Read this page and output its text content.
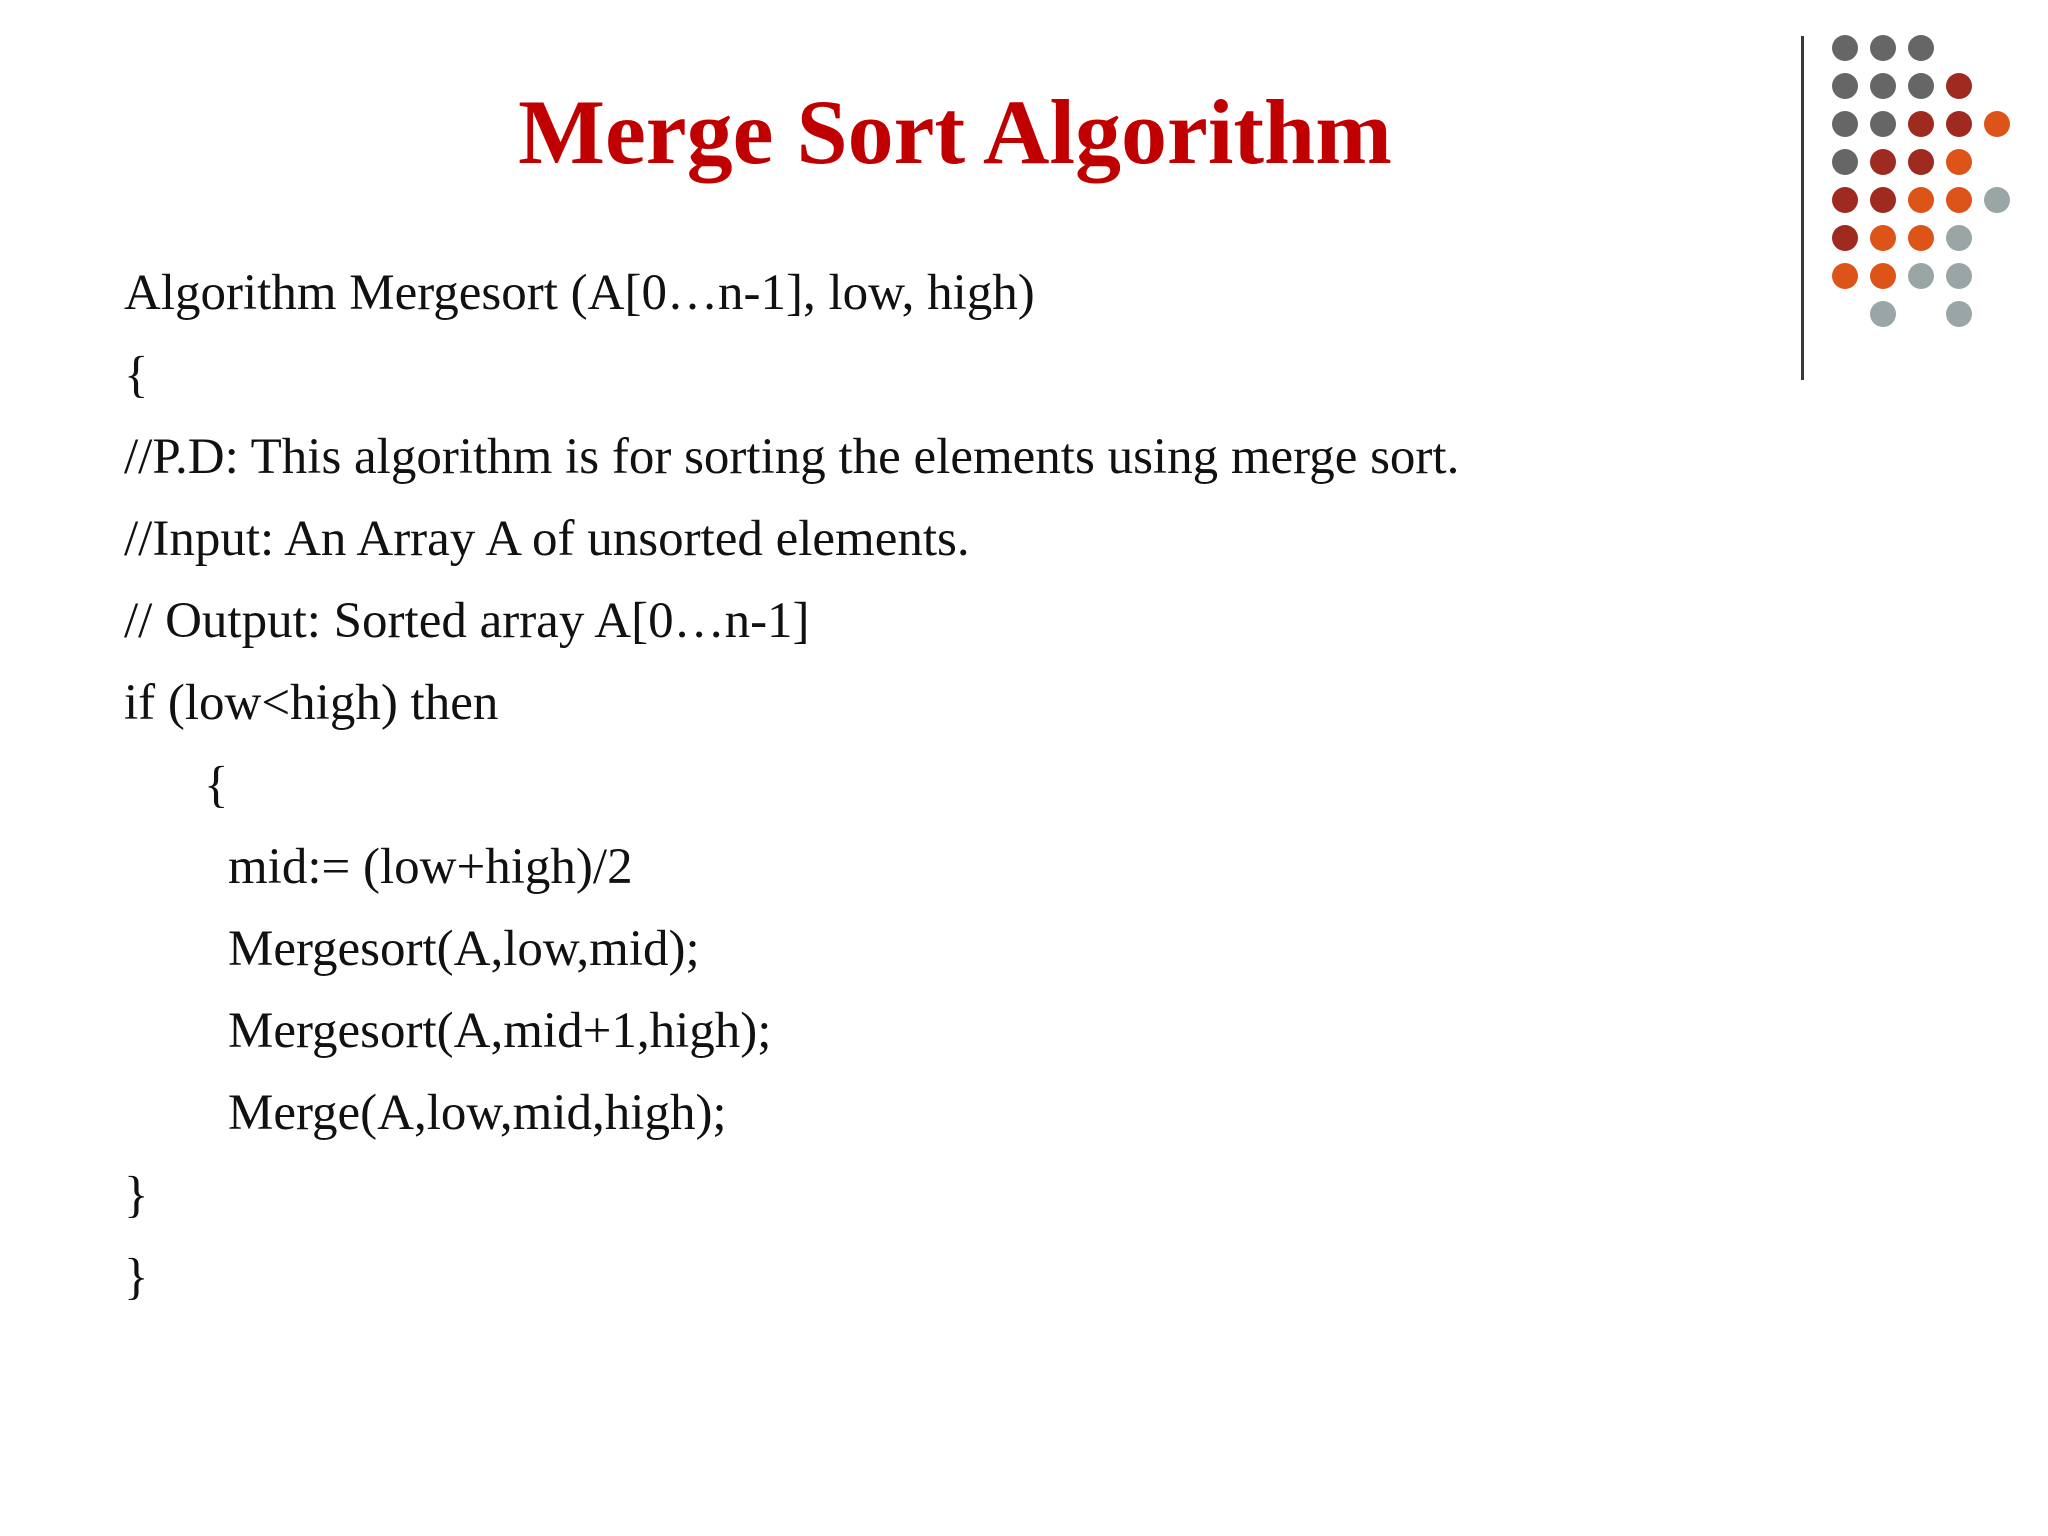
Merge Sort Algorithm
Algorithm Mergesort (A[0…n-1], low, high)
{
//P.D: This algorithm is for sorting the elements using merge sort.
//Input: An Array A of unsorted elements.
// Output: Sorted array A[0…n-1]
if (low<high) then
{
mid:= (low+high)/2
Mergesort(A,low,mid);
Mergesort(A,mid+1,high);
Merge(A,low,mid,high);
}
}
